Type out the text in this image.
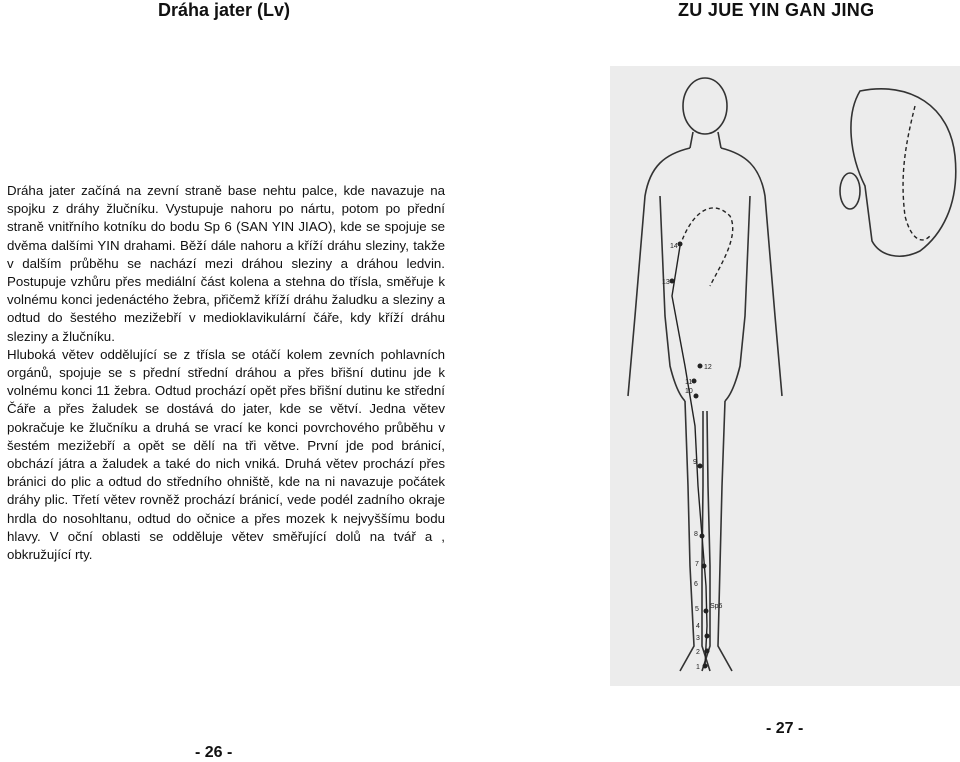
Dráha jater (Lv)	ZU JUE YIN GAN JING

Dráha jater začíná na zevní straně base nehtu palce, kde navazuje na spojku z dráhy žlučníku. Vystupuje nahoru po nártu, potom po přední straně vnitřního kotníku do bodu Sp 6 (SAN YIN JIAO), kde se spojuje se dvěma dalšími YIN drahami. Běží dále nahoru a kříží dráhu sleziny, takže v dalším průběhu se nachází mezi dráhou sleziny a dráhou ledvin. Postupuje vzhůru přes mediální část kolena a stehna do třísla, směřuje k volnému konci jedenáctého žebra, přičemž kříží dráhu žaludku a sleziny a odtud do šestého mezižebří v medioklavikulární čáře, kdy kříží dráhu sleziny a žlučníku.

Hluboká větev oddělující se z třísla se otáčí kolem zevních pohlavních orgánů, spojuje se s přední střední dráhou a přes břišní dutinu jde k volnému konci 11 žebra. Odtud prochází opět přes břišní dutinu ke střední Čáře a přes žaludek se dostává do jater, kde se větví. Jedna větev pokračuje ke žlučníku a druhá se vrací ke konci povrchového průběhu v šestém mezižebří a opět se dělí na tři větve. První jde pod bránicí, obchází játra a žaludek a také do nich vniká. Druhá větev prochází přes bránici do plic a odtud do středního ohniště, kde na ni navazuje počátek dráhy plic. Třetí větev rovněž prochází bránicí, vede podél zadního okraje hrdla do nosohltanu, odtud do očnice a přes mozek k nejvyššímu bodu hlavy. V oční oblasti se odděluje větev směřující dolů na tvář a , obkružující rty.

14
13
12
11
10
9
8
7
6
5 Sp6
4
3
2
1
- 26 -
- 27 -
